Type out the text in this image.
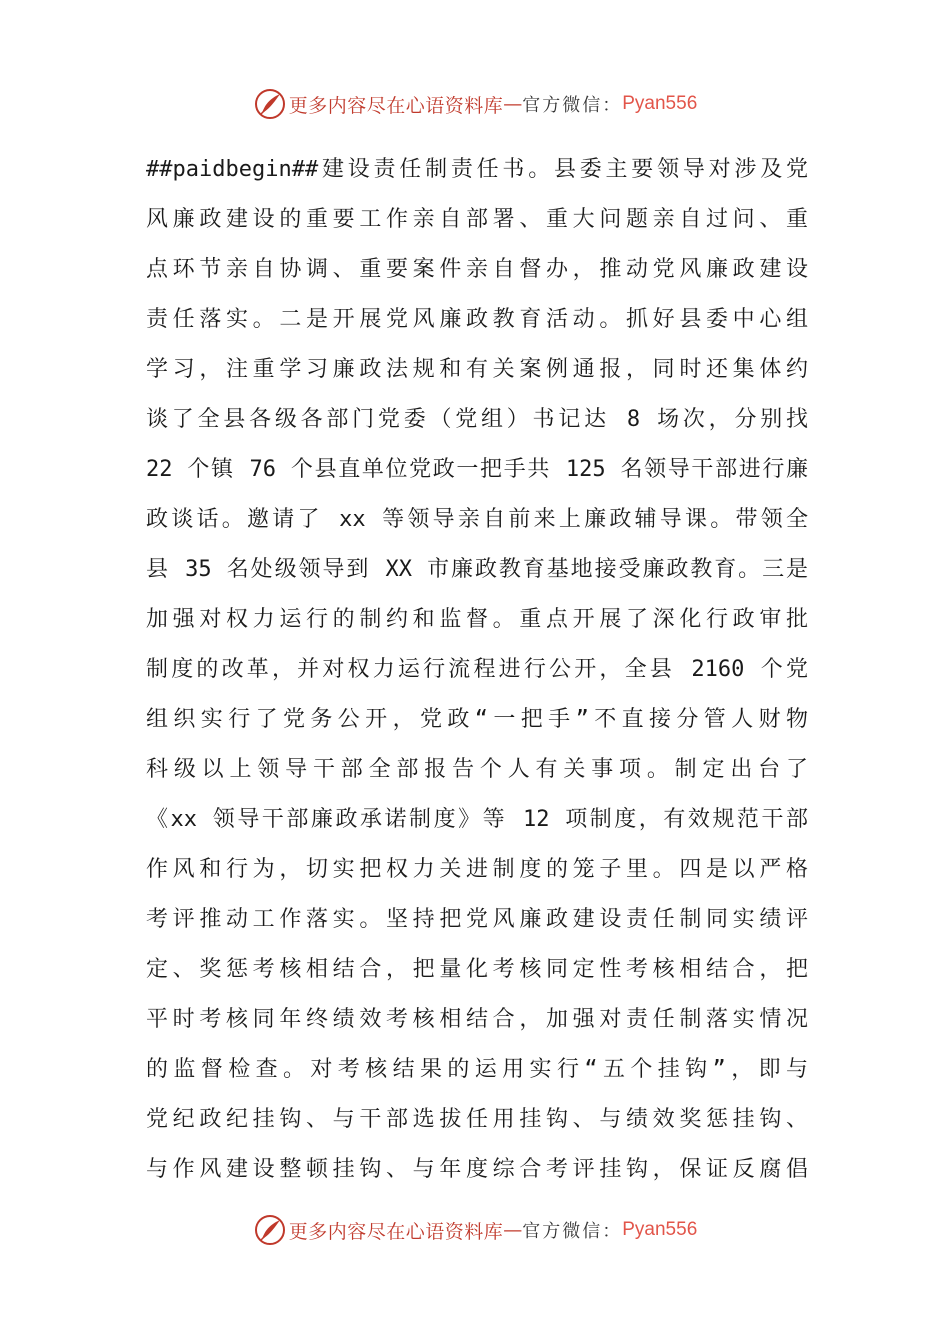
更多内容尽在心语资料库 — 官方微信： Pyan556
##paidbegin##建设责任制责任书。县委主要领导对涉及党
风廉政建设的重要工作亲自部署、重大问题亲自过问、重
点环节亲自协调、重要案件亲自督办，推动党风廉政建设
责任落实。二是开展党风廉政教育活动。抓好县委中心组
学习，注重学习廉政法规和有关案例通报，同时还集体约
谈了全县各级各部门党委（党组）书记达 8 场次，分别找
22 个镇 76 个县直单位党政一把手共 125 名领导干部进行廉
政谈话。邀请了 xx 等领导亲自前来上廉政辅导课。带领全
县 35 名处级领导到 XX 市廉政教育基地接受廉政教育。三是
加强对权力运行的制约和监督。重点开展了深化行政审批
制度的改革，并对权力运行流程进行公开，全县 2160 个党
组织实行了党务公开，党政“一把手”不直接分管人财物
科级以上领导干部全部报告个人有关事项。制定出台了
《xx 领导干部廉政承诺制度》等 12 项制度，有效规范干部
作风和行为，切实把权力关进制度的笼子里。四是以严格
考评推动工作落实。坚持把党风廉政建设责任制同实绩评
定、奖惩考核相结合，把量化考核同定性考核相结合，把
平时考核同年终绩效考核相结合，加强对责任制落实情况
的监督检查。对考核结果的运用实行“五个挂钩”，即与
党纪政纪挂钩、与干部选拔任用挂钩、与绩效奖惩挂钩、
与作风建设整顿挂钩、与年度综合考评挂钩，保证反腐倡
更多内容尽在心语资料库 — 官方微信： Pyan556
